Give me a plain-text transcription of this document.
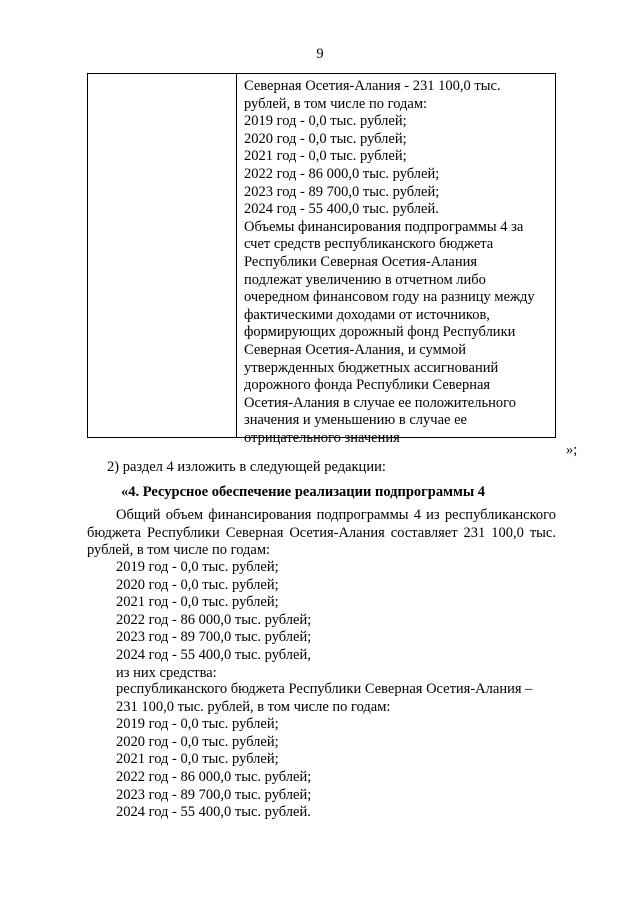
9
Северная Осетия-Алания - 231 100,0 тыс.
рублей, в том числе по годам:
2019 год - 0,0 тыс. рублей;
2020 год - 0,0 тыс. рублей;
2021 год - 0,0 тыс. рублей;
2022 год - 86 000,0 тыс. рублей;
2023 год - 89 700,0 тыс. рублей;
2024 год - 55 400,0 тыс. рублей.
Объемы финансирования подпрограммы 4 за
счет средств республиканского бюджета
Республики Северная Осетия-Алания
подлежат увеличению в отчетном либо
очередном финансовом году на разницу между
фактическими доходами от источников,
формирующих дорожный фонд Республики
Северная Осетия-Алания, и суммой
утвержденных бюджетных ассигнований
дорожного фонда Республики Северная
Осетия-Алания в случае ее положительного
значения и уменьшению в случае ее
отрицательного значения
»;
2) раздел 4 изложить в следующей редакции:
«4. Ресурсное обеспечение реализации подпрограммы 4
Общий объем финансирования подпрограммы 4 из республиканского бюджета Республики Северная Осетия-Алания составляет 231 100,0 тыс. рублей, в том числе по годам:
2019 год - 0,0 тыс. рублей;
2020 год - 0,0 тыс. рублей;
2021 год - 0,0 тыс. рублей;
2022 год - 86 000,0 тыс. рублей;
2023 год - 89 700,0 тыс. рублей;
2024 год - 55 400,0 тыс. рублей,
из них средства:
республиканского бюджета Республики Северная Осетия-Алания –
231 100,0 тыс. рублей, в том числе по годам:
2019 год - 0,0 тыс. рублей;
2020 год - 0,0 тыс. рублей;
2021 год - 0,0 тыс. рублей;
2022 год - 86 000,0 тыс. рублей;
2023 год - 89 700,0 тыс. рублей;
2024 год - 55 400,0 тыс. рублей.
